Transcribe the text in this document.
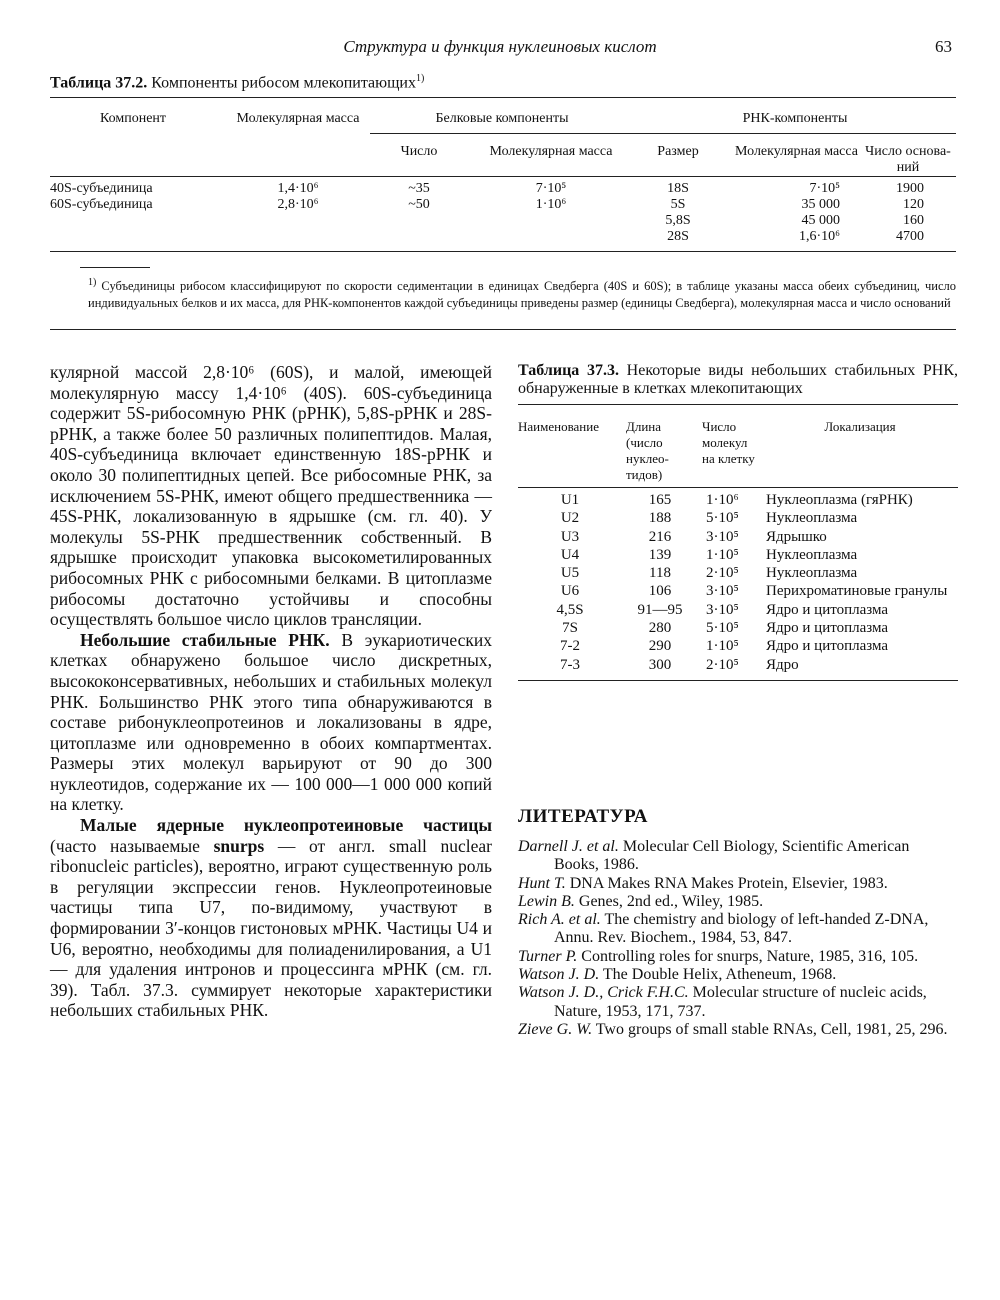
Структура и функция нуклеиновых кислот	63
Таблица 37.2. Компоненты рибосом млекопитающих$^{1)}$
Компонент	Молекулярная масса	Белковые компоненты		РНК-компоненты		
		Число	Молекулярная масса	Размер	Молекулярная масса	Число основа-ний
40S-субъединица	1,4·10⁶	~35	7·10⁵	18S	7·10⁵	1900
60S-субъединица	2,8·10⁶	~50	1·10⁶	5S	35 000	120
				5,8S	45 000	160
				28S	1,6·10⁶	4700

$^{1)}$ Субъединицы рибосом классифицируют по скорости седиментации в единицах Сведберга (40S и 60S); в таблице указаны масса обеих субъединиц, число индивидуальных белков и их масса, для РНК-компонентов каждой субъединицы приведены размер (единицы Сведберга), молекулярная масса и число оснований

кулярной массой 2,8·10⁶ (60S), и малой, имеющей молекулярную массу 1,4·10⁶ (40S). 60S-субъединица содержит 5S-рибосомную РНК (рРНК), 5,8S-рРНК и 28S-рРНК, а также более 50 различных полипептидов. Малая, 40S-субъединица включает единственную 18S-рРНК и около 30 полипептидных цепей. Все рибосомные РНК, за исключением 5S-РНК, имеют общего предшественника — 45S-РНК, локализованную в ядрышке (см. гл. 40). У молекулы 5S-РНК предшественник собственный. В ядрышке происходит упаковка высокометилированных рибосомных РНК с рибосомными белками. В цитоплазме рибосомы достаточно устойчивы и способны осуществлять большое число циклов трансляции.

Небольшие стабильные РНК. В эукариотических клетках обнаружено большое число дискретных, высококонсервативных, небольших и стабильных молекул РНК. Большинство РНК этого типа обнаруживаются в составе рибонуклеопротеинов и локализованы в ядре, цитоплазме или одновременно в обоих компартментах. Размеры этих молекул варьируют от 90 до 300 нуклеотидов, содержание их — 100 000—1 000 000 копий на клетку.

Малые ядерные нуклеопротеиновые частицы (часто называемые snurps — от англ. small nuclear ribonucleic particles), вероятно, играют существенную роль в регуляции экспрессии генов. Нуклеопротеиновые частицы типа U7, по-видимому, участвуют в формировании 3′-концов гистоновых мРНК. Частицы U4 и U6, вероятно, необходимы для полиаденилирования, а U1 — для удаления интронов и процессинга мРНК (см. гл. 39). Табл. 37.3. суммирует некоторые характеристики небольших стабильных РНК.

Таблица 37.3. Некоторые виды небольших стабильных РНК, обнаруженные в клетках млекопитающих
Наименование	Длина (число нуклео-тидов)	Число молекул на клетку	Локализация
U1	165	1·10⁶	Нуклеоплазма (гяРНК)
U2	188	5·10⁵	Нуклеоплазма
U3	216	3·10⁵	Ядрышко
U4	139	1·10⁵	Нуклеоплазма
U5	118	2·10⁵	Нуклеоплазма
U6	106	3·10⁵	Перихроматиновые гранулы
4,5S	91—95	3·10⁵	Ядро и цитоплазма
7S	280	5·10⁵	Ядро и цитоплазма
7-2	290	1·10⁵	Ядро и цитоплазма
7-3	300	2·10⁵	Ядро

ЛИТЕРАТУРА
Darnell J. et al. Molecular Cell Biology, Scientific American Books, 1986.
Hunt T. DNA Makes RNA Makes Protein, Elsevier, 1983.
Lewin B. Genes, 2nd ed., Wiley, 1985.
Rich A. et al. The chemistry and biology of left-handed Z-DNA, Annu. Rev. Biochem., 1984, 53, 847.
Turner P. Controlling roles for snurps, Nature, 1985, 316, 105.
Watson J. D. The Double Helix, Atheneum, 1968.
Watson J. D., Crick F.H.C. Molecular structure of nucleic acids, Nature, 1953, 171, 737.
Zieve G. W. Two groups of small stable RNAs, Cell, 1981, 25, 296.
